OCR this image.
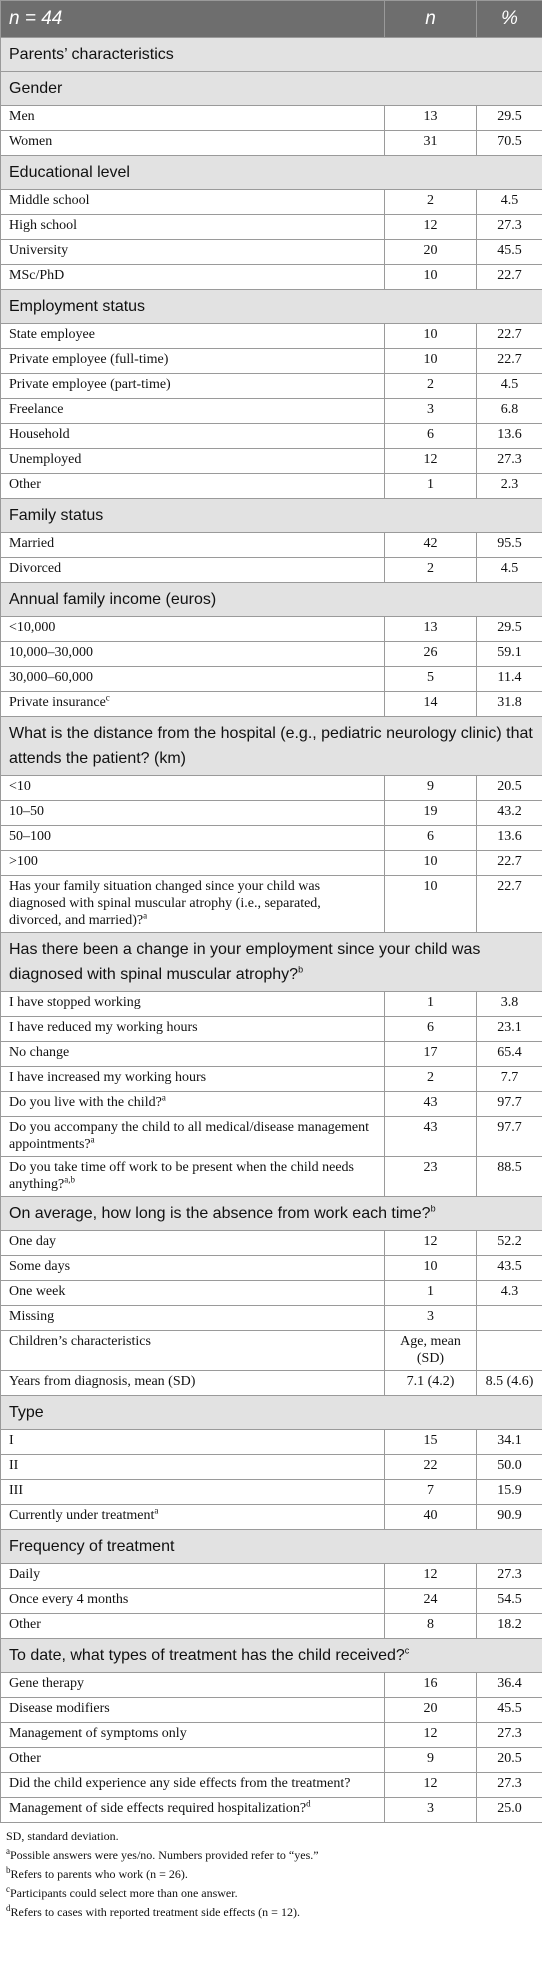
n = 44	n	%
Parents’ characteristics		
Gender		
Men	13	29.5
Women	31	70.5
Educational level		
Middle school	2	4.5
High school	12	27.3
University	20	45.5
MSc/PhD	10	22.7
Employment status		
State employee	10	22.7
Private employee (full-time)	10	22.7
Private employee (part-time)	2	4.5
Freelance	3	6.8
Household	6	13.6
Unemployed	12	27.3
Other	1	2.3
Family status		
Married	42	95.5
Divorced	2	4.5
Annual family income (euros)		
<10,000	13	29.5
10,000–30,000	26	59.1
30,000–60,000	5	11.4
Private insurance$^c$	14	31.8
What is the distance from the hospital (e.g., pediatric neurology clinic) that attends the patient? (km)		
<10	9	20.5
10–50	19	43.2
50–100	6	13.6
>100	10	22.7
Has your family situation changed since your child was diagnosed with spinal muscular atrophy (i.e., separated, divorced, and married)?$^a$	10	22.7
Has there been a change in your employment since your child was diagnosed with spinal muscular atrophy?$^b$
I have stopped working	1	3.8
I have reduced my working hours	6	23.1
No change	17	65.4
I have increased my working hours	2	7.7
Do you live with the child?$^a$	43	97.7
Do you accompany the child to all medical/disease management appointments?$^a$	43	97.7
Do you take time off work to be present when the child needs anything?$^{a,b}$	23	88.5
On average, how long is the absence from work each time?$^b$
One day	12	52.2
Some days	10	43.5
One week	1	4.3
Missing	3	
Children’s characteristics	Age, mean (SD)	
Years from diagnosis, mean (SD)	7.1 (4.2)	8.5 (4.6)
Type		
I	15	34.1
II	22	50.0
III	7	15.9
Currently under treatment$^a$	40	90.9
Frequency of treatment		
Daily	12	27.3
Once every 4 months	24	54.5
Other	8	18.2
To date, what types of treatment has the child received?$^c$
Gene therapy	16	36.4
Disease modifiers	20	45.5
Management of symptoms only	12	27.3
Other	9	20.5
Did the child experience any side effects from the treatment?	12	27.3
Management of side effects required hospitalization?$^d$	3	25.0
SD, standard deviation.
$^a$Possible answers were yes/no. Numbers provided refer to “yes.”
$^b$Refers to parents who work (n = 26).
$^c$Participants could select more than one answer.
$^d$Refers to cases with reported treatment side effects (n = 12).
